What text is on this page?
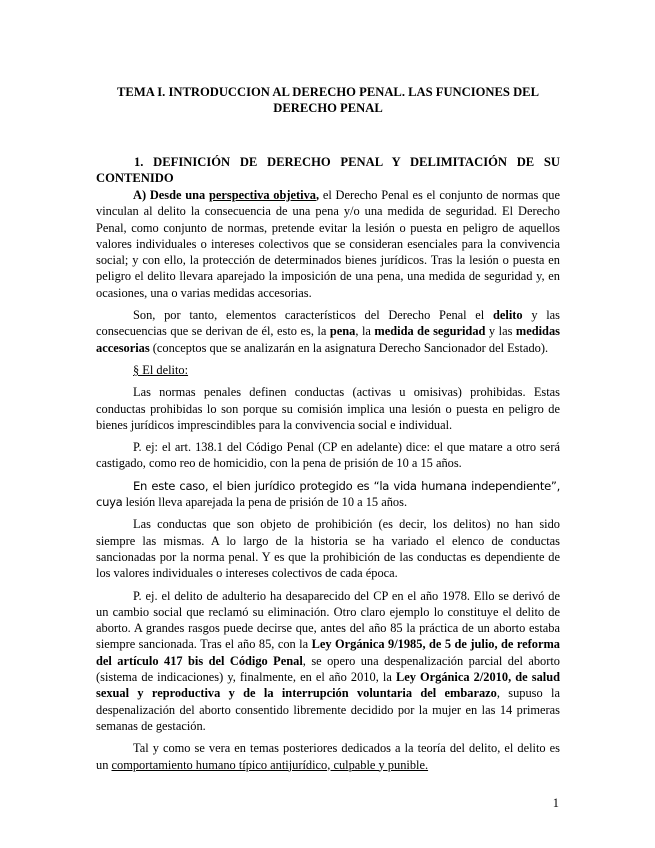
TEMA I. INTRODUCCION AL DERECHO PENAL. LAS FUNCIONES DEL DERECHO PENAL
1. DEFINICIÓN DE DERECHO PENAL Y DELIMITACIÓN DE SU CONTENIDO

A) Desde una perspectiva objetiva, el Derecho Penal es el conjunto de normas que vinculan al delito la consecuencia de una pena y/o una medida de seguridad. El Derecho Penal, como conjunto de normas, pretende evitar la lesión o puesta en peligro de aquellos valores individuales o intereses colectivos que se consideran esenciales para la convivencia social; y con ello, la protección de determinados bienes jurídicos. Tras la lesión o puesta en peligro el delito llevara aparejado la imposición de una pena, una medida de seguridad y, en ocasiones, una o varias medidas accesorias.

Son, por tanto, elementos característicos del Derecho Penal el delito y las consecuencias que se derivan de él, esto es, la pena, la medida de seguridad y las medidas accesorias (conceptos que se analizarán en la asignatura Derecho Sancionador del Estado).

§ El delito:

Las normas penales definen conductas (activas u omisivas) prohibidas. Estas conductas prohibidas lo son porque su comisión implica una lesión o puesta en peligro de bienes jurídicos imprescindibles para la convivencia social e individual.

P. ej: el art. 138.1 del Código Penal (CP en adelante) dice: el que matare a otro será castigado, como reo de homicidio, con la pena de prisión de 10 a 15 años.

En este caso, el bien jurídico protegido es “la vida humana independiente”, cuya lesión lleva aparejada la pena de prisión de 10 a 15 años.

Las conductas que son objeto de prohibición (es decir, los delitos) no han sido siempre las mismas. A lo largo de la historia se ha variado el elenco de conductas sancionadas por la norma penal. Y es que la prohibición de las conductas es dependiente de los valores individuales o intereses colectivos de cada época.

P. ej. el delito de adulterio ha desaparecido del CP en el año 1978. Ello se derivó de un cambio social que reclamó su eliminación. Otro claro ejemplo lo constituye el delito de aborto. A grandes rasgos puede decirse que, antes del año 85 la práctica de un aborto estaba siempre sancionada. Tras el año 85, con la Ley Orgánica 9/1985, de 5 de julio, de reforma del artículo 417 bis del Código Penal, se opero una despenalización parcial del aborto (sistema de indicaciones) y, finalmente, en el año 2010, la Ley Orgánica 2/2010, de salud sexual y reproductiva y de la interrupción voluntaria del embarazo, supuso la despenalización del aborto consentido libremente decidido por la mujer en las 14 primeras semanas de gestación.

Tal y como se vera en temas posteriores dedicados a la teoría del delito, el delito es un comportamiento humano típico antijurídico, culpable y punible.

1
